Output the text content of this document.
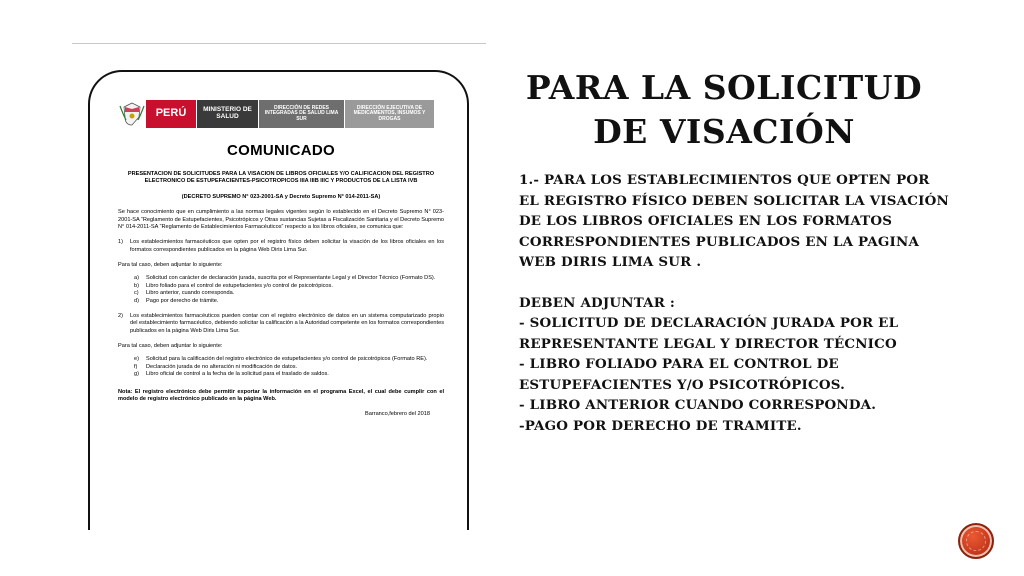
PERÚ	MINISTERIO DE SALUD
DIRECCIÓN DE REDES INTEGRADAS DE SALUD LIMA SUR
DIRECCIÓN EJECUTIVA DE MEDICAMENTOS, INSUMOS Y DROGAS
COMUNICADO
PRESENTACION DE SOLICITUDES PARA LA VISACION DE LIBROS OFICIALES Y/O CALIFICACION DEL REGISTRO ELECTRONICO DE ESTUPEFACIENTES-PSICOTROPICOS IIIA IIIB IIIC Y PRODUCTOS DE LA LISTA IVB
(DECRETO SUPREMO N° 023-2001-SA y Decreto Supremo N° 014-2011-SA)
Se hace conocimiento que en cumplimiento a las normas legales vigentes según lo establecido en el Decreto Supremo N° 023-2001-SA “Reglamento de Estupefacientes, Psicotrópicos y Otras sustancias Sujetas a Fiscalización Sanitaria y el Decreto Supremo N° 014-2011-SA “Reglamento de Establecimientos Farmacéuticos” respecto a los libros oficiales, se comunica que:
1)	Los establecimientos farmacéuticos que opten por el registro físico deben solicitar la visación de los libros oficiales en los formatos correspondientes publicados en la página Web Diris Lima Sur.
Para tal caso, deben adjuntar lo siguiente:
a)	Solicitud con carácter de declaración jurada, suscrita por el Representante Legal y el Director Técnico (Formato DS).
b)	Libro foliado para el control de estupefacientes y/o control de psicotrópicos.
c)	Libro anterior, cuando corresponda.
d)	Pago por derecho de trámite.
2)	Los establecimientos farmacéuticos pueden contar con el registro electrónico de datos en un sistema computarizado propio del establecimiento farmacéutico, debiendo solicitar la calificación a la Autoridad competente en los formatos correspondientes publicados en la página Web Diris Lima Sur.
Para tal caso, deben adjuntar lo siguiente:
e)	Solicitud para la calificación del registro electrónico de estupefacientes y/o control de psicotrópicos (Formato RE).
f)	Declaración jurada de no alteración ni modificación de datos.
g)	Libro oficial de control a la fecha de la solicitud para el traslado de saldos.
Nota: El registro electrónico debe permitir exportar la información en el programa Excel, el cual debe cumplir con el modelo de registro electrónico publicado en la página Web.
Barranco,febrero del 2018
PARA LA SOLICITUD
DE VISACIÓN

1.- PARA LOS ESTABLECIMIENTOS QUE OPTEN POR EL REGISTRO FÍSICO DEBEN SOLICITAR LA VISACIÓN DE LOS LIBROS OFICIALES EN LOS FORMATOS CORRESPONDIENTES PUBLICADOS EN LA PAGINA WEB DIRIS LIMA SUR .

DEBEN ADJUNTAR :

- SOLICITUD DE DECLARACIÓN JURADA POR EL REPRESENTANTE LEGAL Y DIRECTOR TÉCNICO

- LIBRO FOLIADO PARA EL CONTROL DE ESTUPEFACIENTES Y/O PSICOTRÓPICOS.

- LIBRO ANTERIOR CUANDO CORRESPONDA.

-PAGO POR DERECHO DE TRAMITE.
